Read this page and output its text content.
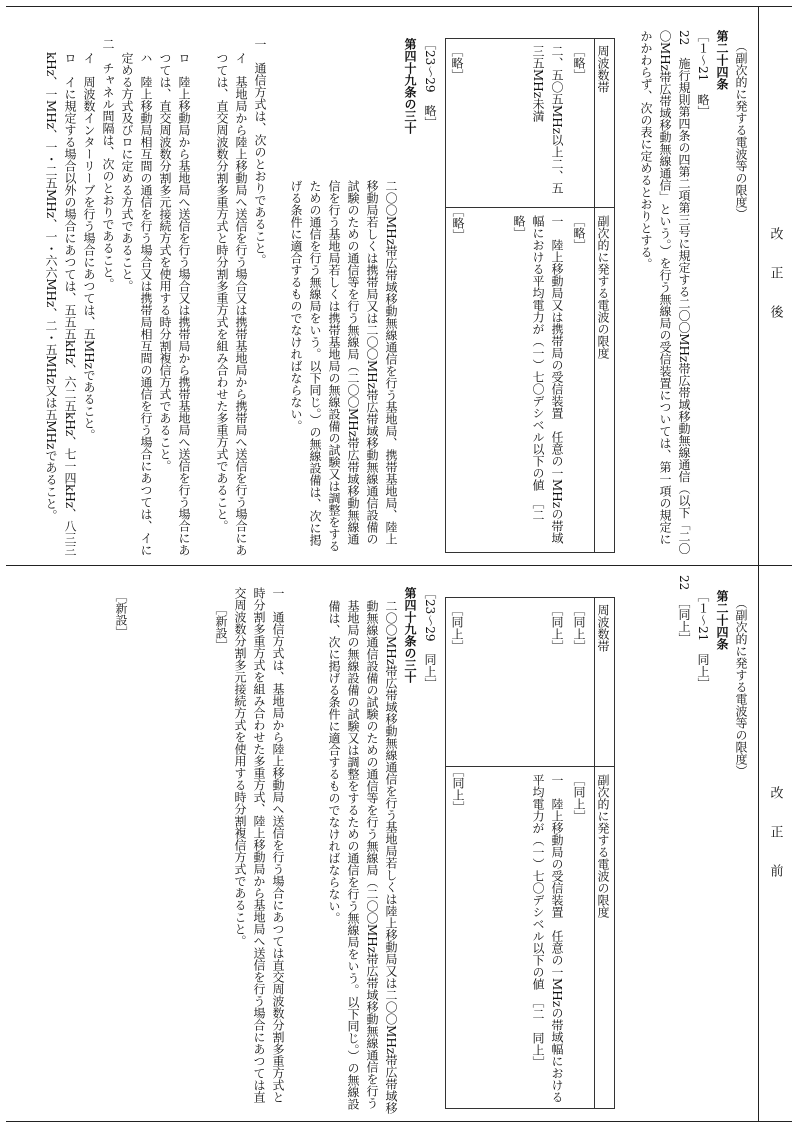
改正後
改正前
（副次的に発する電波等の限度）
第二十四条
［１～21　略］
22　施行規則第四条の四第二項第三号に規定する二〇〇MHz帯広帯域移動無線通信（以下「二〇〇MHz帯広帯域移動無線通信」という。）を行う無線局の受信装置については、第一項の規定にかかわらず、次の表に定めるとおりとする。
周波数帯
副次的に発する電波の限度
［略］
［略］
二、五〇五MHz以上二、五三五MHz未満
一　陸上移動局又は携帯局の受信装置　任意の一MHzの帯域幅における平均電力が（一）七〇デシベル以下の値　［二　略］
［略］
［略］
［23～29　略］
第四十九条の三十
二〇〇MHz帯広帯域移動無線通信を行う基地局、携帯基地局、陸上移動局若しくは携帯局又は二〇〇MHz帯広帯域移動無線通信設備の試験のための通信等を行う無線局（二〇〇MHz帯広帯域移動無線通信を行う基地局若しくは携帯基地局の無線設備の試験又は調整をするための通信を行う無線局をいう。以下同じ。）の無線設備は、次に掲げる条件に適合するものでなければならない。
一　通信方式は、次のとおりであること。
イ　基地局から陸上移動局へ送信を行う場合又は携帯基地局から携帯局へ送信を行う場合にあつては、直交周波数分割多重方式と時分割多重方式を組み合わせた多重方式であること。
ロ　陸上移動局から基地局へ送信を行う場合又は携帯局から携帯基地局へ送信を行う場合にあつては、直交周波数分割多元接続方式を使用する時分割複信方式であること。
ハ　陸上移動局相互間の通信を行う場合又は携帯局相互間の通信を行う場合にあつては、イに定める方式及びロに定める方式であること。
二　チャネル間隔は、次のとおりであること。
イ　周波数インターリーブを行う場合にあつては、五MHzであること。
ロ　イに規定する場合以外の場合にあつては、五五五kHz、六二五kHz、七一四kHz、八三三kHz、一MHz、一・二五MHz、一・六六MHz、二・五MHz又は五MHzであること。
（副次的に発する電波等の限度）
第二十四条
［１～21　同上］
22　［同上］
周波数帯
副次的に発する電波の限度
［同上］
［同上］
［同上］
一　陸上移動局の受信装置　任意の一MHzの帯域幅における平均電力が（一）七〇デシベル以下の値　［二　同上］
［同上］
［同上］
［23～29　同上］
第四十九条の三十
二〇〇MHz帯広帯域移動無線通信を行う基地局若しくは陸上移動局又は二〇〇MHz帯広帯域移動無線通信設備の試験のための通信等を行う無線局（二〇〇MHz帯広帯域移動無線通信を行う基地局の無線設備の試験又は調整をするための通信を行う無線局をいう。以下同じ。）の無線設備は、次に掲げる条件に適合するものでなければならない。
一　通信方式は、基地局から陸上移動局へ送信を行う場合にあつては直交周波数分割多重方式と時分割多重方式を組み合わせた多重方式、陸上移動局から基地局へ送信を行う場合にあつては直交周波数分割多元接続方式を使用する時分割複信方式であること。
［新設］
［新設］
